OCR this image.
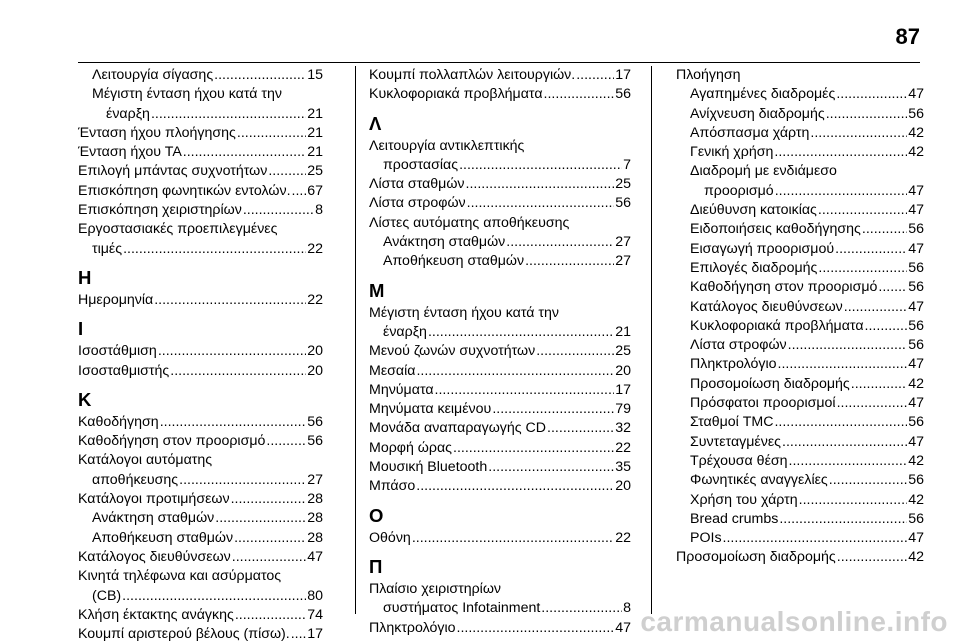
87
Λειτουργία σίγασης .....	15
Μέγιστη ένταση ήχου κατά την
έναρξη .....	21
Ένταση ήχου πλοήγησης .....	21
Ένταση ήχου ΤΑ .....	21
Επιλογή μπάντας συχνοτήτων .....	25
Επισκόπηση φωνητικών εντολών. ..... 67
Επισκόπηση χειριστηρίων .....	8
Εργοστασιακές προεπιλεγμένες
τιμές .....	22
Η
Ημερομηνία .....	22
Ι
Ισοστάθμιση .....	20
Ισοσταθμιστής .....	20
Κ
Καθοδήγηση .....	56
Καθοδήγηση στον προορισμό .....	56
Κατάλογοι αυτόματης
αποθήκευσης .....	27
Κατάλογοι προτιμήσεων .....	28
Ανάκτηση σταθμών .....	28
Αποθήκευση σταθμών .....	28
Κατάλογος διευθύνσεων .....	47
Κινητά τηλέφωνα και ασύρματος
(CB) .....	80
Κλήση έκτακτης ανάγκης .....	74
Κουμπί αριστερού βέλους (πίσω). ..... 17
Κουμπί πολλαπλών λειτουργιών. .....	17
Κυκλοφοριακά προβλήματα .....	56
Λ
Λειτουργία αντικλεπτικής
προστασίας .....	7
Λίστα σταθμών .....	25
Λίστα στροφών .....	56
Λίστες αυτόματης αποθήκευσης
Ανάκτηση σταθμών .....	27
Αποθήκευση σταθμών .....	27
Μ
Μέγιστη ένταση ήχου κατά την
έναρξη .....	21
Μενού ζωνών συχνοτήτων .....	25
Μεσαία .....	20
Μηνύματα .....	17
Μηνύματα κειμένου .....	79
Μονάδα αναπαραγωγής CD .....	32
Μορφή ώρας .....	22
Μουσική Bluetooth .....	35
Μπάσο .....	20
Ο
Οθόνη .....	22
Π
Πλαίσιο χειριστηρίων
συστήματος Infotainment .....	8
Πληκτρολόγιο .....	47
Πλοήγηση
Αγαπημένες διαδρομές .....	47
Ανίχνευση διαδρομής .....	56
Απόσπασμα χάρτη .....	42
Γενική χρήση .....	42
Διαδρομή με ενδιάμεσο
προορισμό .....	47
Διεύθυνση κατοικίας .....	47
Ειδοποιήσεις καθοδήγησης .....	56
Εισαγωγή προορισμού .....	47
Επιλογές διαδρομής .....	56
Καθοδήγηση στον προορισμό ..... 56
Κατάλογος διευθύνσεων .....	47
Κυκλοφοριακά προβλήματα .....	56
Λίστα στροφών .....	56
Πληκτρολόγιο .....	47
Προσομοίωση διαδρομής .....	42
Πρόσφατοι προορισμοί .....	47
Σταθμοί TMC .....	56
Συντεταγμένες .....	47
Τρέχουσα θέση .....	42
Φωνητικές αναγγελίες .....	56
Χρήση του χάρτη .....	42
Bread crumbs .....	56
POIs .....	47
Προσομοίωση διαδρομής .....	42
carmanualsonline.info
